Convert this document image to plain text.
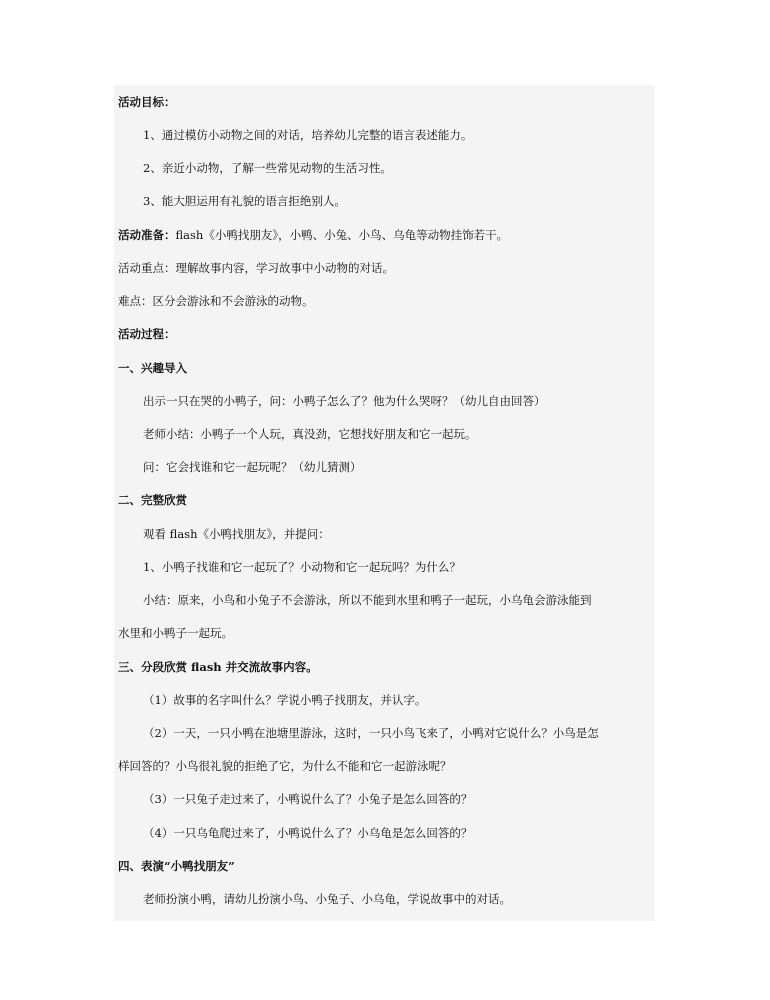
活动目标：
1、通过模仿小动物之间的对话，培养幼儿完整的语言表述能力。
2、亲近小动物，了解一些常见动物的生活习性。
3、能大胆运用有礼貌的语言拒绝别人。
活动准备：flash《小鸭找朋友》，小鸭、小兔、小鸟、乌龟等动物挂饰若干。
活动重点：理解故事内容，学习故事中小动物的对话。
难点：区分会游泳和不会游泳的动物。
活动过程：
一、兴趣导入
出示一只在哭的小鸭子，问：小鸭子怎么了？他为什么哭呀？（幼儿自由回答）
老师小结：小鸭子一个人玩，真没劲，它想找好朋友和它一起玩。
问：它会找谁和它一起玩呢？（幼儿猜测）
二、完整欣赏
观看 flash《小鸭找朋友》，并提问：
1、小鸭子找谁和它一起玩了？小动物和它一起玩吗？为什么？
小结：原来，小鸟和小兔子不会游泳，所以不能到水里和鸭子一起玩，小乌龟会游泳能到
水里和小鸭子一起玩。
三、分段欣赏 flash 并交流故事内容。
（1）故事的名字叫什么？学说小鸭子找朋友，并认字。
（2）一天，一只小鸭在池塘里游泳，这时，一只小鸟飞来了，小鸭对它说什么？小鸟是怎
样回答的？小鸟很礼貌的拒绝了它，为什么不能和它一起游泳呢？
（3）一只兔子走过来了，小鸭说什么了？小兔子是怎么回答的？
（4）一只乌龟爬过来了，小鸭说什么了？小乌龟是怎么回答的？
四、表演“小鸭找朋友”
老师扮演小鸭，请幼儿扮演小鸟、小兔子、小乌龟，学说故事中的对话。
